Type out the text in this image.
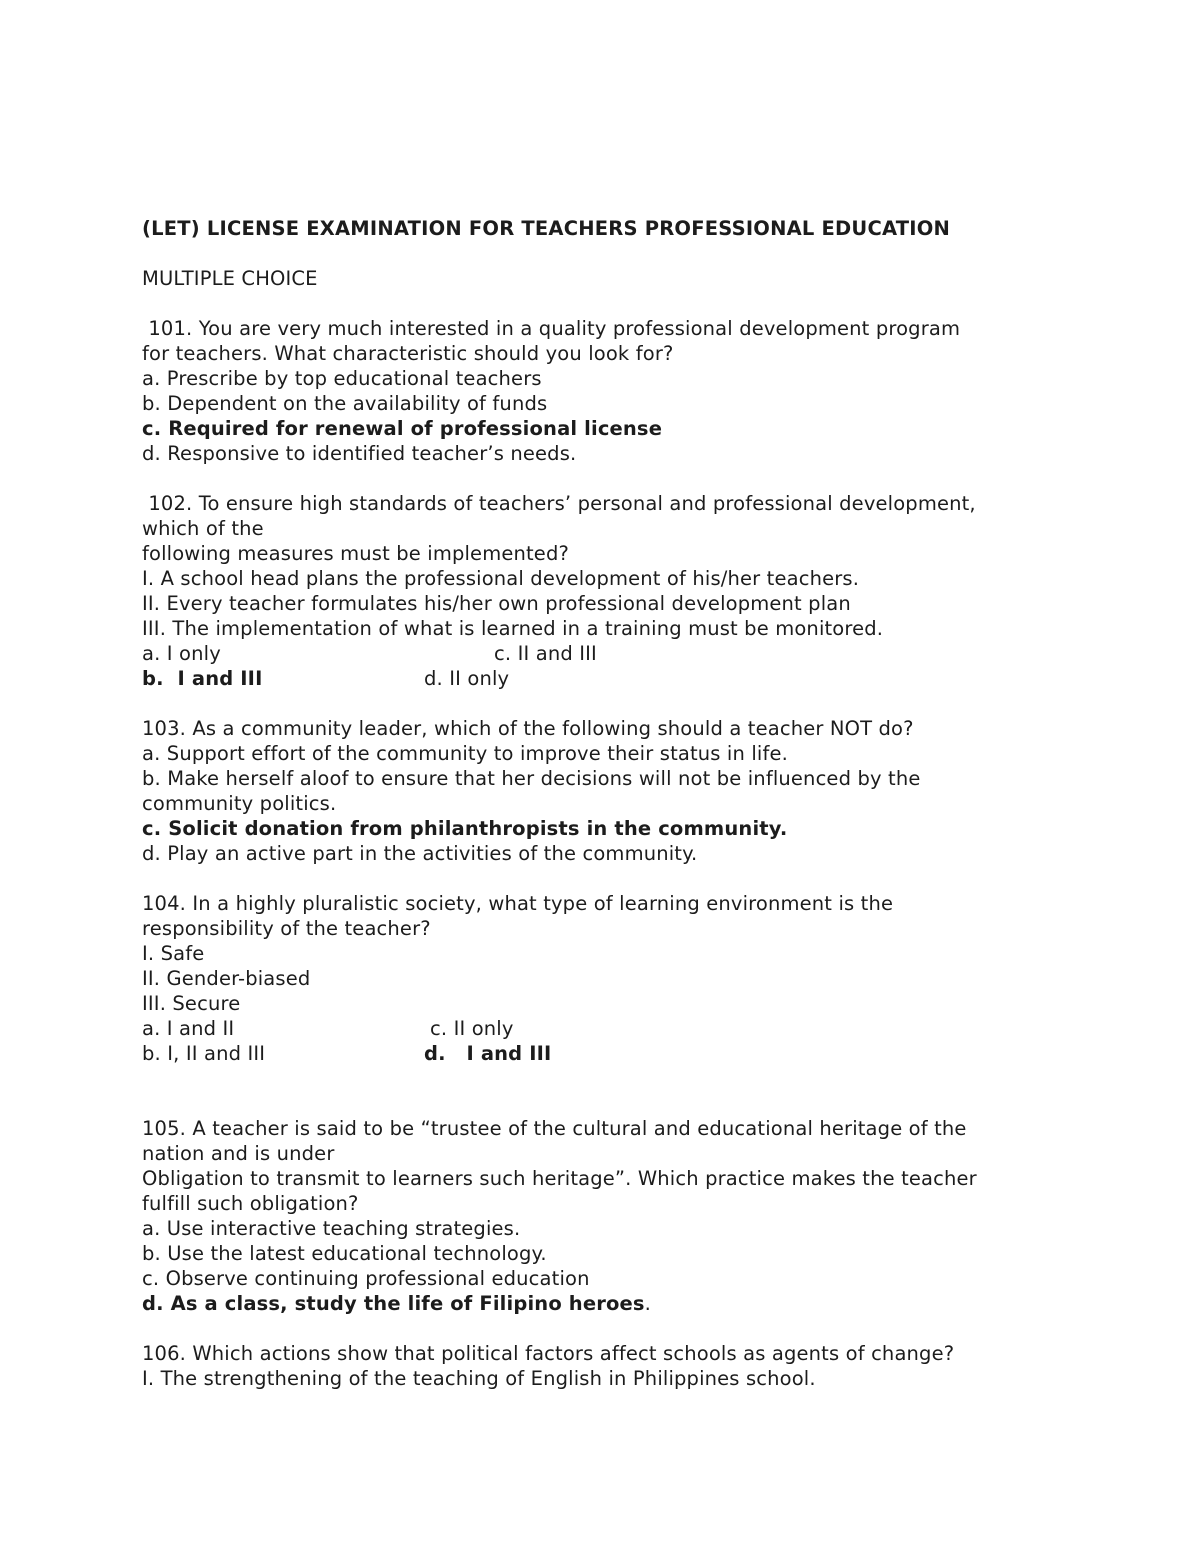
(LET) LICENSE EXAMINATION FOR TEACHERS PROFESSIONAL EDUCATION
MULTIPLE CHOICE
101. You are very much interested in a quality professional development program
for teachers. What characteristic should you look for?
a. Prescribe by top educational teachers
b. Dependent on the availability of funds
c. Required for renewal of professional license
d. Responsive to identified teacher’s needs.
102. To ensure high standards of teachers’ personal and professional development,
which of the
following measures must be implemented?
I. A school head plans the professional development of his/her teachers.
II. Every teacher formulates his/her own professional development plan
III. The implementation of what is learned in a training must be monitored.
a. I only	c. II and III
b.  I and III	d. II only
103. As a community leader, which of the following should a teacher NOT do?
a. Support effort of the community to improve their status in life.
b. Make herself aloof to ensure that her decisions will not be influenced by the
community politics.
c. Solicit donation from philanthropists in the community.
d. Play an active part in the activities of the community.
104. In a highly pluralistic society, what type of learning environment is the
responsibility of the teacher?
I. Safe
II. Gender-biased
III. Secure
a. I and II	c. II only
b. I, II and III	d.   I and III
105. A teacher is said to be “trustee of the cultural and educational heritage of the
nation and is under
Obligation to transmit to learners such heritage”. Which practice makes the teacher
fulfill such obligation?
a. Use interactive teaching strategies.
b. Use the latest educational technology.
c. Observe continuing professional education
d. As a class, study the life of Filipino heroes.
106. Which actions show that political factors affect schools as agents of change?
I. The strengthening of the teaching of English in Philippines school.
